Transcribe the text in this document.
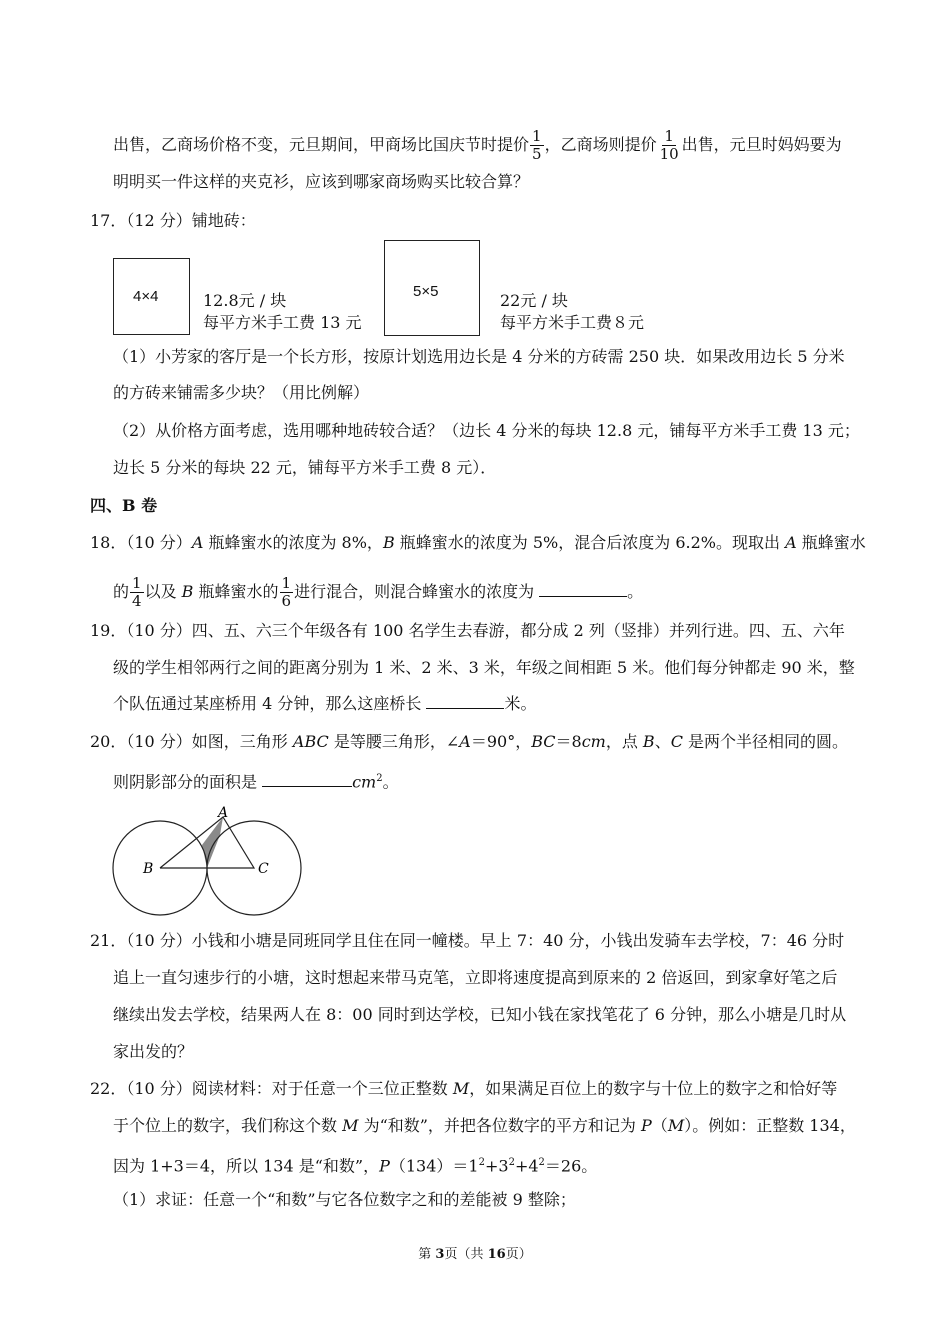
出售，乙商场价格不变，元旦期间，甲商场比国庆节时提价 $\frac{1}{5}$ ，乙商场则提价 $\frac{1}{10}$ 出售，元旦时妈妈要为
明明买一件这样的夹克衫，应该到哪家商场购买比较合算？
17．（12 分）铺地砖：
4×4	12.8元 / 块
每平方米手工费 13 元
5×5	22元 / 块
每平方米手工费８元
（1）小芳家的客厅是一个长方形，按原计划选用边长是 4 分米的方砖需 250 块．如果改用边长 5 分米
的方砖来铺需多少块？（用比例解）
（2）从价格方面考虑，选用哪种地砖较合适？（边长 4 分米的每块 12.8 元，铺每平方米手工费 13 元；
边长 5 分米的每块 22 元，铺每平方米手工费 8 元）．
四、B 卷
18．（10 分）A 瓶蜂蜜水的浓度为 8%，B 瓶蜂蜜水的浓度为 5%，混合后浓度为 6.2%。现取出 A 瓶蜂蜜水
的 $\frac{1}{4}$ 以及 B 瓶蜂蜜水的 $\frac{1}{6}$ 进行混合，则混合蜂蜜水的浓度为	。
19．（10 分）四、五、六三个年级各有 100 名学生去春游，都分成 2 列（竖排）并列行进。四、五、六年
级的学生相邻两行之间的距离分别为 1 米、2 米、3 米，年级之间相距 5 米。他们每分钟都走 90 米，整
个队伍通过某座桥用 4 分钟，那么这座桥长	米。
20．（10 分）如图，三角形 ABC 是等腰三角形，∠A＝90°，BC＝8cm，点 B、C 是两个半径相同的圆。
则阴影部分的面积是	$cm^2$。
A
B	C
21．（10 分）小钱和小塘是同班同学且住在同一幢楼。早上 7：40 分，小钱出发骑车去学校，7：46 分时
追上一直匀速步行的小塘，这时想起来带马克笔，立即将速度提高到原来的 2 倍返回，到家拿好笔之后
继续出发去学校，结果两人在 8：00 同时到达学校，已知小钱在家找笔花了 6 分钟，那么小塘是几时从
家出发的？
22．（10 分）阅读材料：对于任意一个三位正整数 M，如果满足百位上的数字与十位上的数字之和恰好等
于个位上的数字，我们称这个数 M 为“和数”，并把各位数字的平方和记为 P（M）。例如：正整数 134，
因为 1+3＝4，所以 134 是“和数”，$P(134)=1^2+3^2+4^2=26$。
（1）求证：任意一个“和数”与它各位数字之和的差能被 9 整除；
第 3页（共 16页）
